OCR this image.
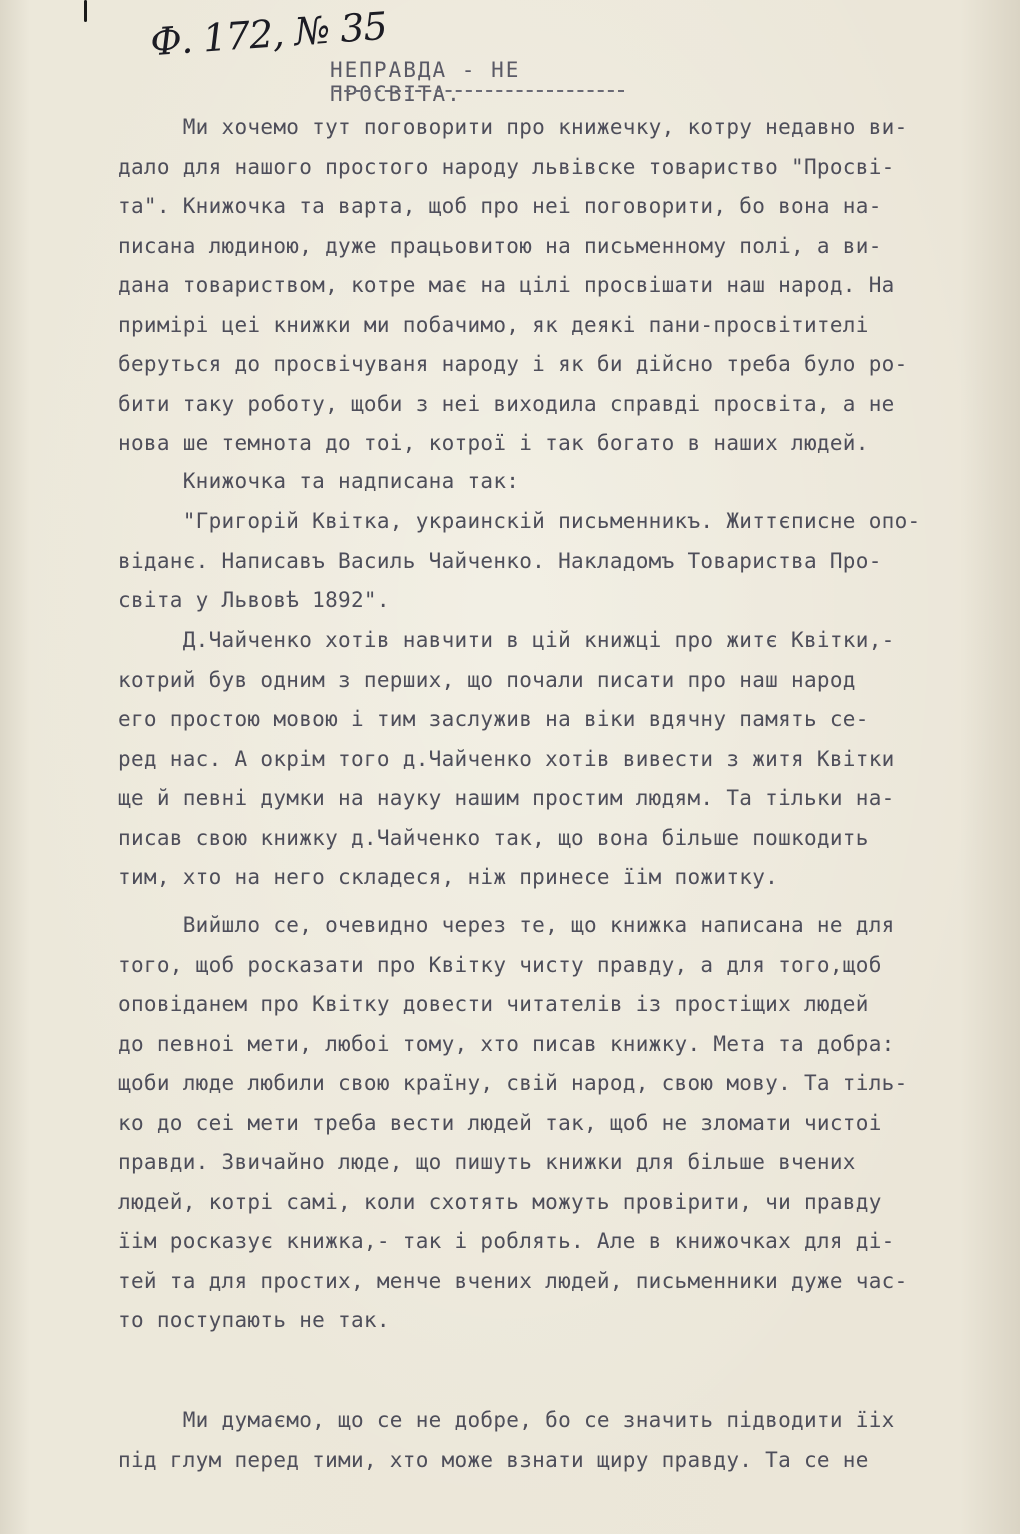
Ф. 172, № 35
НЕПРАВДА - НЕ ПРОСВІТА.
Ми хочемо тут поговорити про книжечку, котру недавно ви-
дало для нашого простого народу львівске товариство "Просві-
та". Книжочка та варта, щоб про неі поговорити, бо вона на-
писана людиною, дуже працьовитою на письменному полі, а ви-
дана товариством, котре має на цілі просвішати наш народ. На
примірі цеі книжки ми побачимо, як деякі пани-просвітителі
беруться до просвічуваня народу і як би дійсно треба було ро-
бити таку роботу, щоби з неі виходила справді просвіта, а не
нова ше темнота до тоі, котрої і так богато в наших людей.
Книжочка та надписана так:
"Григорій Квітка, украинскій письменникъ. Життєписне опо-
віданє. Написавъ Василь Чайченко. Накладомъ Товариства Про-
світа у Львовѣ 1892".
Д.Чайченко хотів навчити в цій книжці про житє Квітки,-
котрий був одним з перших, що почали писати про наш народ
его простою мовою і тим заслужив на віки вдячну память се-
ред нас. А окрім того д.Чайченко хотів вивести з житя Квітки
ще й певні думки на науку нашим простим людям. Та тільки на-
писав свою книжку д.Чайченко так, що вона більше пошкодить
тим, хто на него складеся, ніж принесе їім пожитку.
Вийшло се, очевидно через те, що книжка написана не для
того, щоб росказати про Квітку чисту правду, а для того,щоб
оповіданем про Квітку довести читателів із простіщих людей
до певноі мети, любоі тому, хто писав книжку. Мета та добра:
щоби люде любили свою країну, свій народ, свою мову. Та тіль-
ко до сеі мети треба вести людей так, щоб не зломати чистоі
правди. Звичайно люде, що пишуть книжки для більше вчених
людей, котрі самі, коли схотять можуть провірити, чи правду
їім росказує книжка,- так і роблять. Але в книжочках для ді-
тей та для простих, менче вчених людей, письменники дуже час-
то поступають не так.
Ми думаємо, що се не добре, бо се значить підводити їіх
під глум перед тими, хто може взнати щиру правду. Та се не
